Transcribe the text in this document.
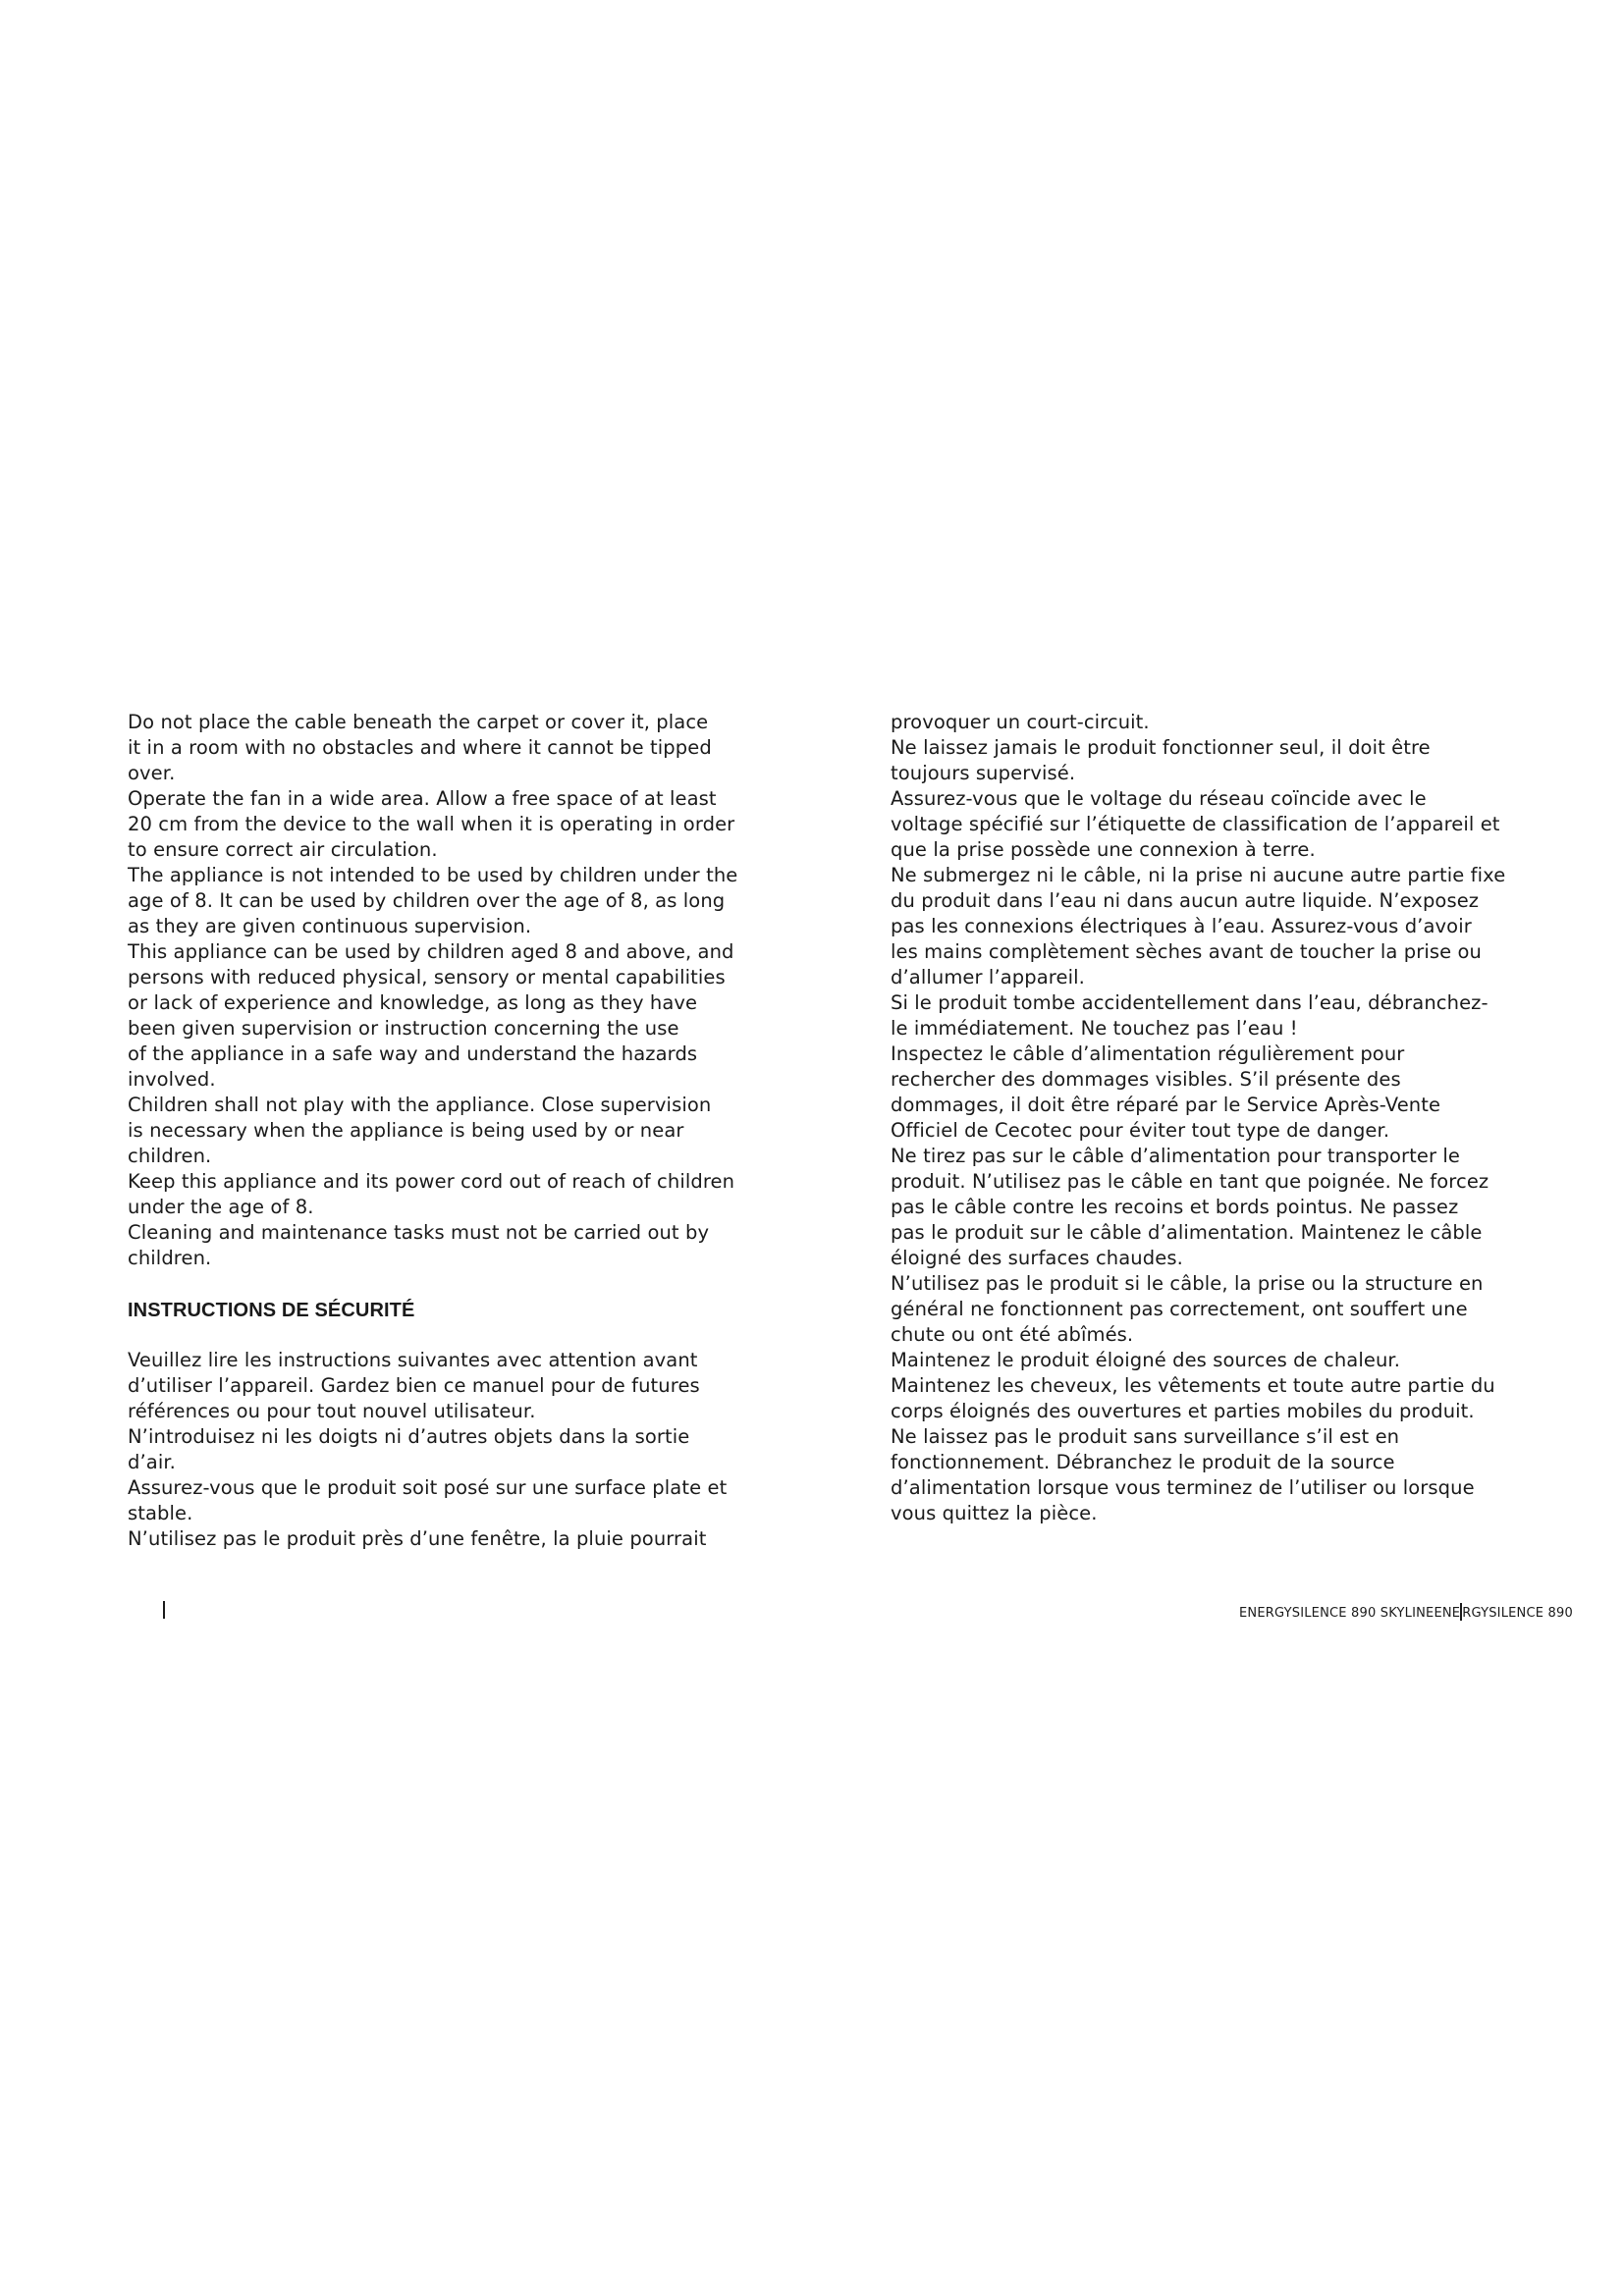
Do not place the cable beneath the carpet or cover it, place
it in a room with no obstacles and where it cannot be tipped
over.
Operate the fan in a wide area. Allow a free space of at least
20 cm from the device to the wall when it is operating in order
to ensure correct air circulation.
The appliance is not intended to be used by children under the
age of 8. It can be used by children over the age of 8, as long
as they are given continuous supervision.
This appliance can be used by children aged 8 and above, and
persons with reduced physical, sensory or mental capabilities
or lack of experience and knowledge, as long as they have
been given supervision or instruction concerning the use
of the appliance in a safe way and understand the hazards
involved.
Children shall not play with the appliance. Close supervision
is necessary when the appliance is being used by or near
children.
Keep this appliance and its power cord out of reach of children
under the age of 8.
Cleaning and maintenance tasks must not be carried out by
children.
INSTRUCTIONS DE SÉCURITÉ
Veuillez lire les instructions suivantes avec attention avant
d’utiliser l’appareil. Gardez bien ce manuel pour de futures
références ou pour tout nouvel utilisateur.
N’introduisez ni les doigts ni d’autres objets dans la sortie
d’air.
Assurez-vous que le produit soit posé sur une surface plate et
stable.
N’utilisez pas le produit près d’une fenêtre, la pluie pourrait
provoquer un court-circuit.
Ne laissez jamais le produit fonctionner seul, il doit être
toujours supervisé.
Assurez-vous que le voltage du réseau coïncide avec le
voltage spécifié sur l’étiquette de classification de l’appareil et
que la prise possède une connexion à terre.
Ne submergez ni le câble, ni la prise ni aucune autre partie fixe
du produit dans l’eau ni dans aucun autre liquide. N’exposez
pas les connexions électriques à l’eau. Assurez-vous d’avoir
les mains complètement sèches avant de toucher la prise ou
d’allumer l’appareil.
Si le produit tombe accidentellement dans l’eau, débranchez-
le immédiatement. Ne touchez pas l’eau !
Inspectez le câble d’alimentation régulièrement pour
rechercher des dommages visibles. S’il présente des
dommages, il doit être réparé par le Service Après-Vente
Officiel de Cecotec pour éviter tout type de danger.
Ne tirez pas sur le câble d’alimentation pour transporter le
produit. N’utilisez pas le câble en tant que poignée. Ne forcez
pas le câble contre les recoins et bords pointus. Ne passez
pas le produit sur le câble d’alimentation. Maintenez le câble
éloigné des surfaces chaudes.
N’utilisez pas le produit si le câble, la prise ou la structure en
général ne fonctionnent pas correctement, ont souffert une
chute ou ont été abîmés.
Maintenez le produit éloigné des sources de chaleur.
Maintenez les cheveux, les vêtements et toute autre partie du
corps éloignés des ouvertures et parties mobiles du produit.
Ne laissez pas le produit sans surveillance s’il est en
fonctionnement. Débranchez le produit de la source
d’alimentation lorsque vous terminez de l’utiliser ou lorsque
vous quittez la pièce.
ENERGYSILENCE 890 SKYLINEENE RGYSILENCE 890
